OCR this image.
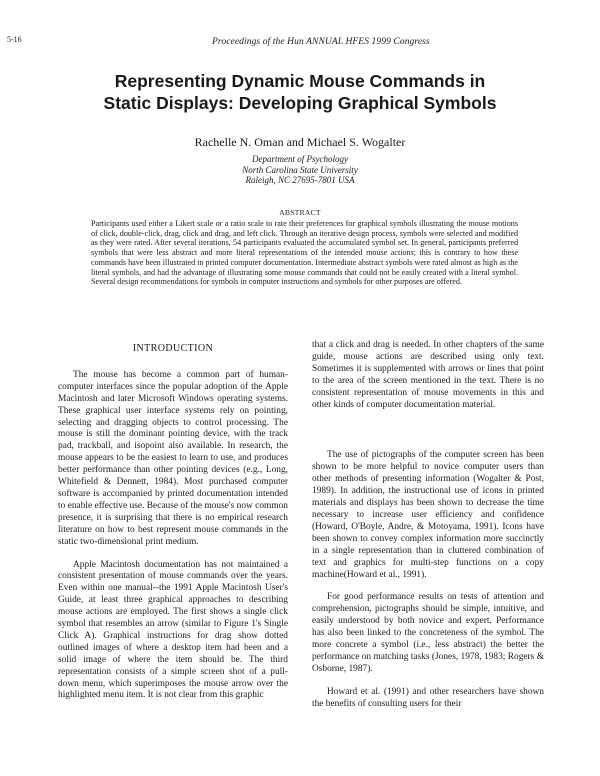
5-16	Proceedings of the Hun ANNUAL HFES 1999 Congress
Representing Dynamic Mouse Commands in
Static Displays: Developing Graphical Symbols
Rachelle N. Oman and Michael S. Wogalter
Department of Psychology
North Carolina State University
Raleigh, NC 27695-7801 USA
ABSTRACT
Participants used either a Likert scale or a ratio scale to rate their preferences for graphical symbols illustrating the mouse motions of click, double-click, drag, click and drag, and left click. Through an iterative design process, symbols were selected and modified as they were rated. After several iterations, 54 participants evaluated the accumulated symbol set. In general, participants preferred symbols that were less abstract and more literal representations of the intended mouse actions; this is contrary to how these commands have been illustrated in printed computer documentation. Intermediate abstract symbols were rated almost as high as the literal symbols, and had the advantage of illustrating some mouse commands that could not be easily created with a literal symbol. Several design recommendations for symbols in computer instructions and symbols for other purposes are offered.
INTRODUCTION

The mouse has become a common part of human-computer interfaces since the popular adoption of the Apple Macintosh and later Microsoft Windows operating systems. These graphical user interface systems rely on pointing, selecting and dragging objects to control processing. The mouse is still the dominant pointing device, with the track pad, trackball, and isopoint also available. In research, the mouse appears to be the easiest to learn to use, and produces better performance than other pointing devices (e.g., Long, Whitefield & Dennett, 1984). Most purchased computer software is accompanied by printed documentation intended to enable effective use. Because of the mouse's now common presence, it is surprising that there is no empirical research literature on how to best represent mouse commands in the static two-dimensional print medium.

Apple Macintosh documentation has not maintained a consistent presentation of mouse commands over the years. Even within one manual--the 1991 Apple Macintosh User's Guide, at least three graphical approaches to describing mouse actions are employed. The first shows a single click symbol that resembles an arrow (similar to Figure 1's Single Click A). Graphical instructions for drag show dotted outlined images of where a desktop item had been and a solid image of where the item should be. The third representation consists of a simple screen shot of a pull-down menu, which superimposes the mouse arrow over the highlighted menu item. It is not clear from this graphic

that a click and drag is needed. In other chapters of the same guide, mouse actions are described using only text. Sometimes it is supplemented with arrows or lines that point to the area of the screen mentioned in the text. There is no consistent representation of mouse movements in this and other kinds of computer documentation material.

The use of pictographs of the computer screen has been shown to be more helpful to novice computer users than other methods of presenting information (Wogalter & Post, 1989). In addition, the instructional use of icons in printed materials and displays has been shown to decrease the time necessary to increase user efficiency and confidence (Howard, O'Boyle, Andre, & Motoyama, 1991). Icons have been shown to convey complex information more succinctly in a single representation than in cluttered combination of text and graphics for multi-step functions on a copy machine(Howard et al., 1991).

For good performance results on tests of attention and comprehension, pictographs should be simple, intuitive, and easily understood by both novice and expert. Performance has also been linked to the concreteness of the symbol. The more concrete a symbol (i.e., less abstract) the better the performance on matching tasks (Jones, 1978, 1983; Rogers & Osborne, 1987).

Howard et al. (1991) and other researchers have shown the benefits of consulting users for their
